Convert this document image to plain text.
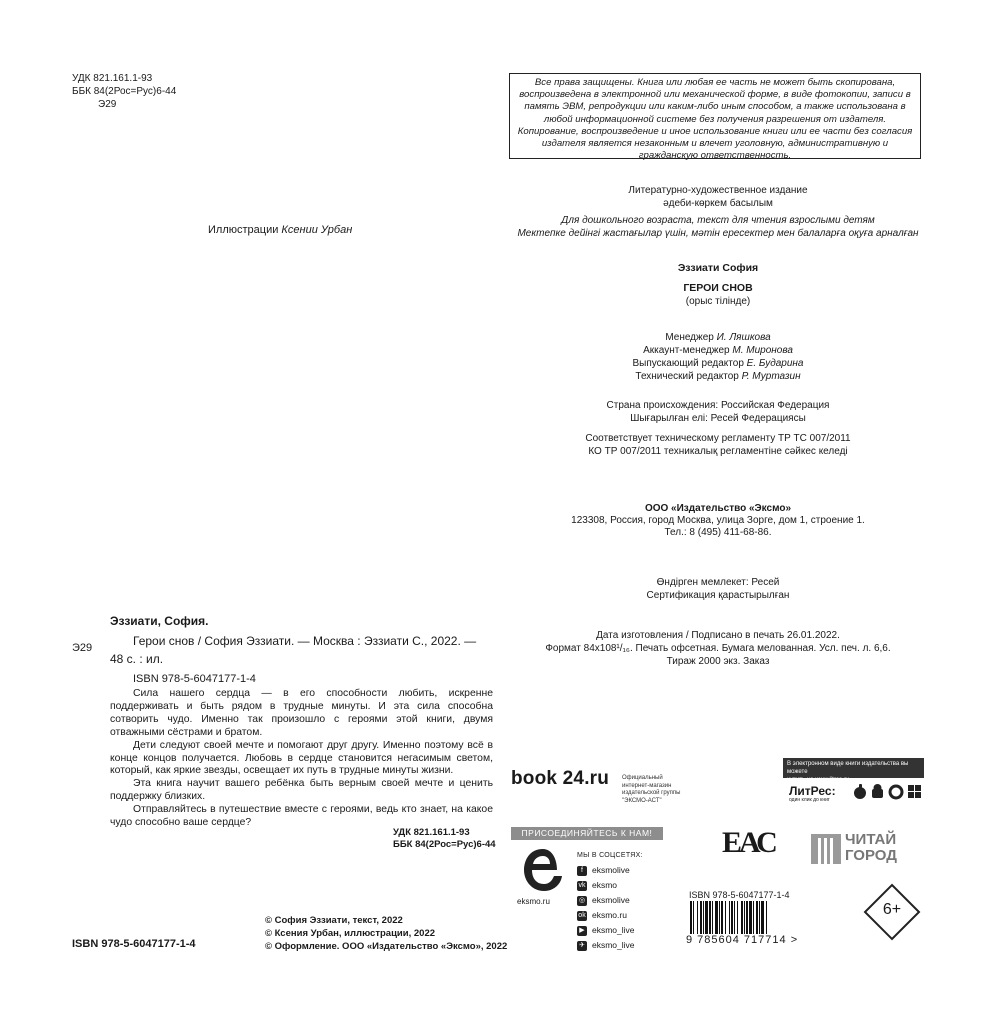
УДК 821.161.1-93
ББК 84(2Рос=Рус)6-44
Э29
Иллюстрации Ксении Урбан
Все права защищены. Книга или любая ее часть не может быть скопирована, воспроизведена в электронной или механической форме, в виде фотокопии, записи в память ЭВМ, репродукции или каким-либо иным способом, а также использована в любой информационной системе без получения разрешения от издателя. Копирование, воспроизведение и иное использование книги или ее части без согласия издателя является незаконным и влечет уголовную, административную и гражданскую ответственность.
Литературно-художественное издание
әдеби-көркем басылым
Для дошкольного возраста, текст для чтения взрослыми детям
Мектепке дейінгі жастағылар үшін, мәтін ересектер мен балаларға оқуға арналған
Эззиати София
ГЕРОИ СНОВ
(орыс тілінде)
Менеджер И. Ляшкова
Аккаунт-менеджер М. Миронова
Выпускающий редактор Е. Бударина
Технический редактор Р. Муртазин
Страна происхождения: Российская Федерация
Шығарылған елі: Ресей Федерациясы
Соответствует техническому регламенту ТР ТС 007/2011
КО ТР 007/2011 техникалық регламентіне сәйкес келеді
ООО «Издательство «Эксмо»
123308, Россия, город Москва, улица Зорге, дом 1, строение 1.
Тел.: 8 (495) 411-68-86.
Өндірген мемлекет: Ресей
Сертификация қарастырылған
Дата изготовления / Подписано в печать 26.01.2022.
Формат 84x108¹/₁₆. Печать офсетная. Бумага мелованная. Усл. печ. л. 6,6.
Тираж 2000 экз. Заказ
Эззиати, София.
Э29	Герои снов / София Эззиати. — Москва : Эззиати С., 2022. —
48 с. : ил.
ISBN 978-5-6047177-1-4

Сила нашего сердца — в его способности любить, искренне поддерживать и быть рядом в трудные минуты. И эта сила способна сотворить чудо. Именно так произошло с героями этой книги, двумя отважными сёстрами и братом.

Дети следуют своей мечте и помогают друг другу. Именно поэтому всё в конце концов получается. Любовь в сердце становится негасимым светом, который, как яркие звезды, освещает их путь в трудные минуты жизни.

Эта книга научит вашего ребёнка быть верным своей мечте и ценить поддержку близких.

Отправляйтесь в путешествие вместе с героями, ведь кто знает, на какое чудо способно ваше сердце?

УДК 821.161.1-93
ББК 84(2Рос=Рус)6-44
© София Эззиати, текст, 2022
© Ксения Урбан, иллюстрации, 2022
© Оформление. ООО «Издательство «Эксмо», 2022
ISBN 978-5-6047177-1-4
book 24.ru Официальный
интернет-магазин
издательской группы
"ЭКСМО-АСТ"
В электронном виде книги издательства вы можете
купить на www.litres.ru
ЛитРес:
один клик до книг
ПРИСОЕДИНЯЙТЕСЬ К НАМ!
eksmo.ru
МЫ В СОЦСЕТЯХ:
f eksmolive
vk eksmo
◎ eksmolive
ok eksmo.ru
▶ eksmo_live
✈ eksmo_live
ЕАС	ЧИТАЙ
ГОРОД
ISBN 978-5-6047177-1-4
9 785604 717714 >
6+
